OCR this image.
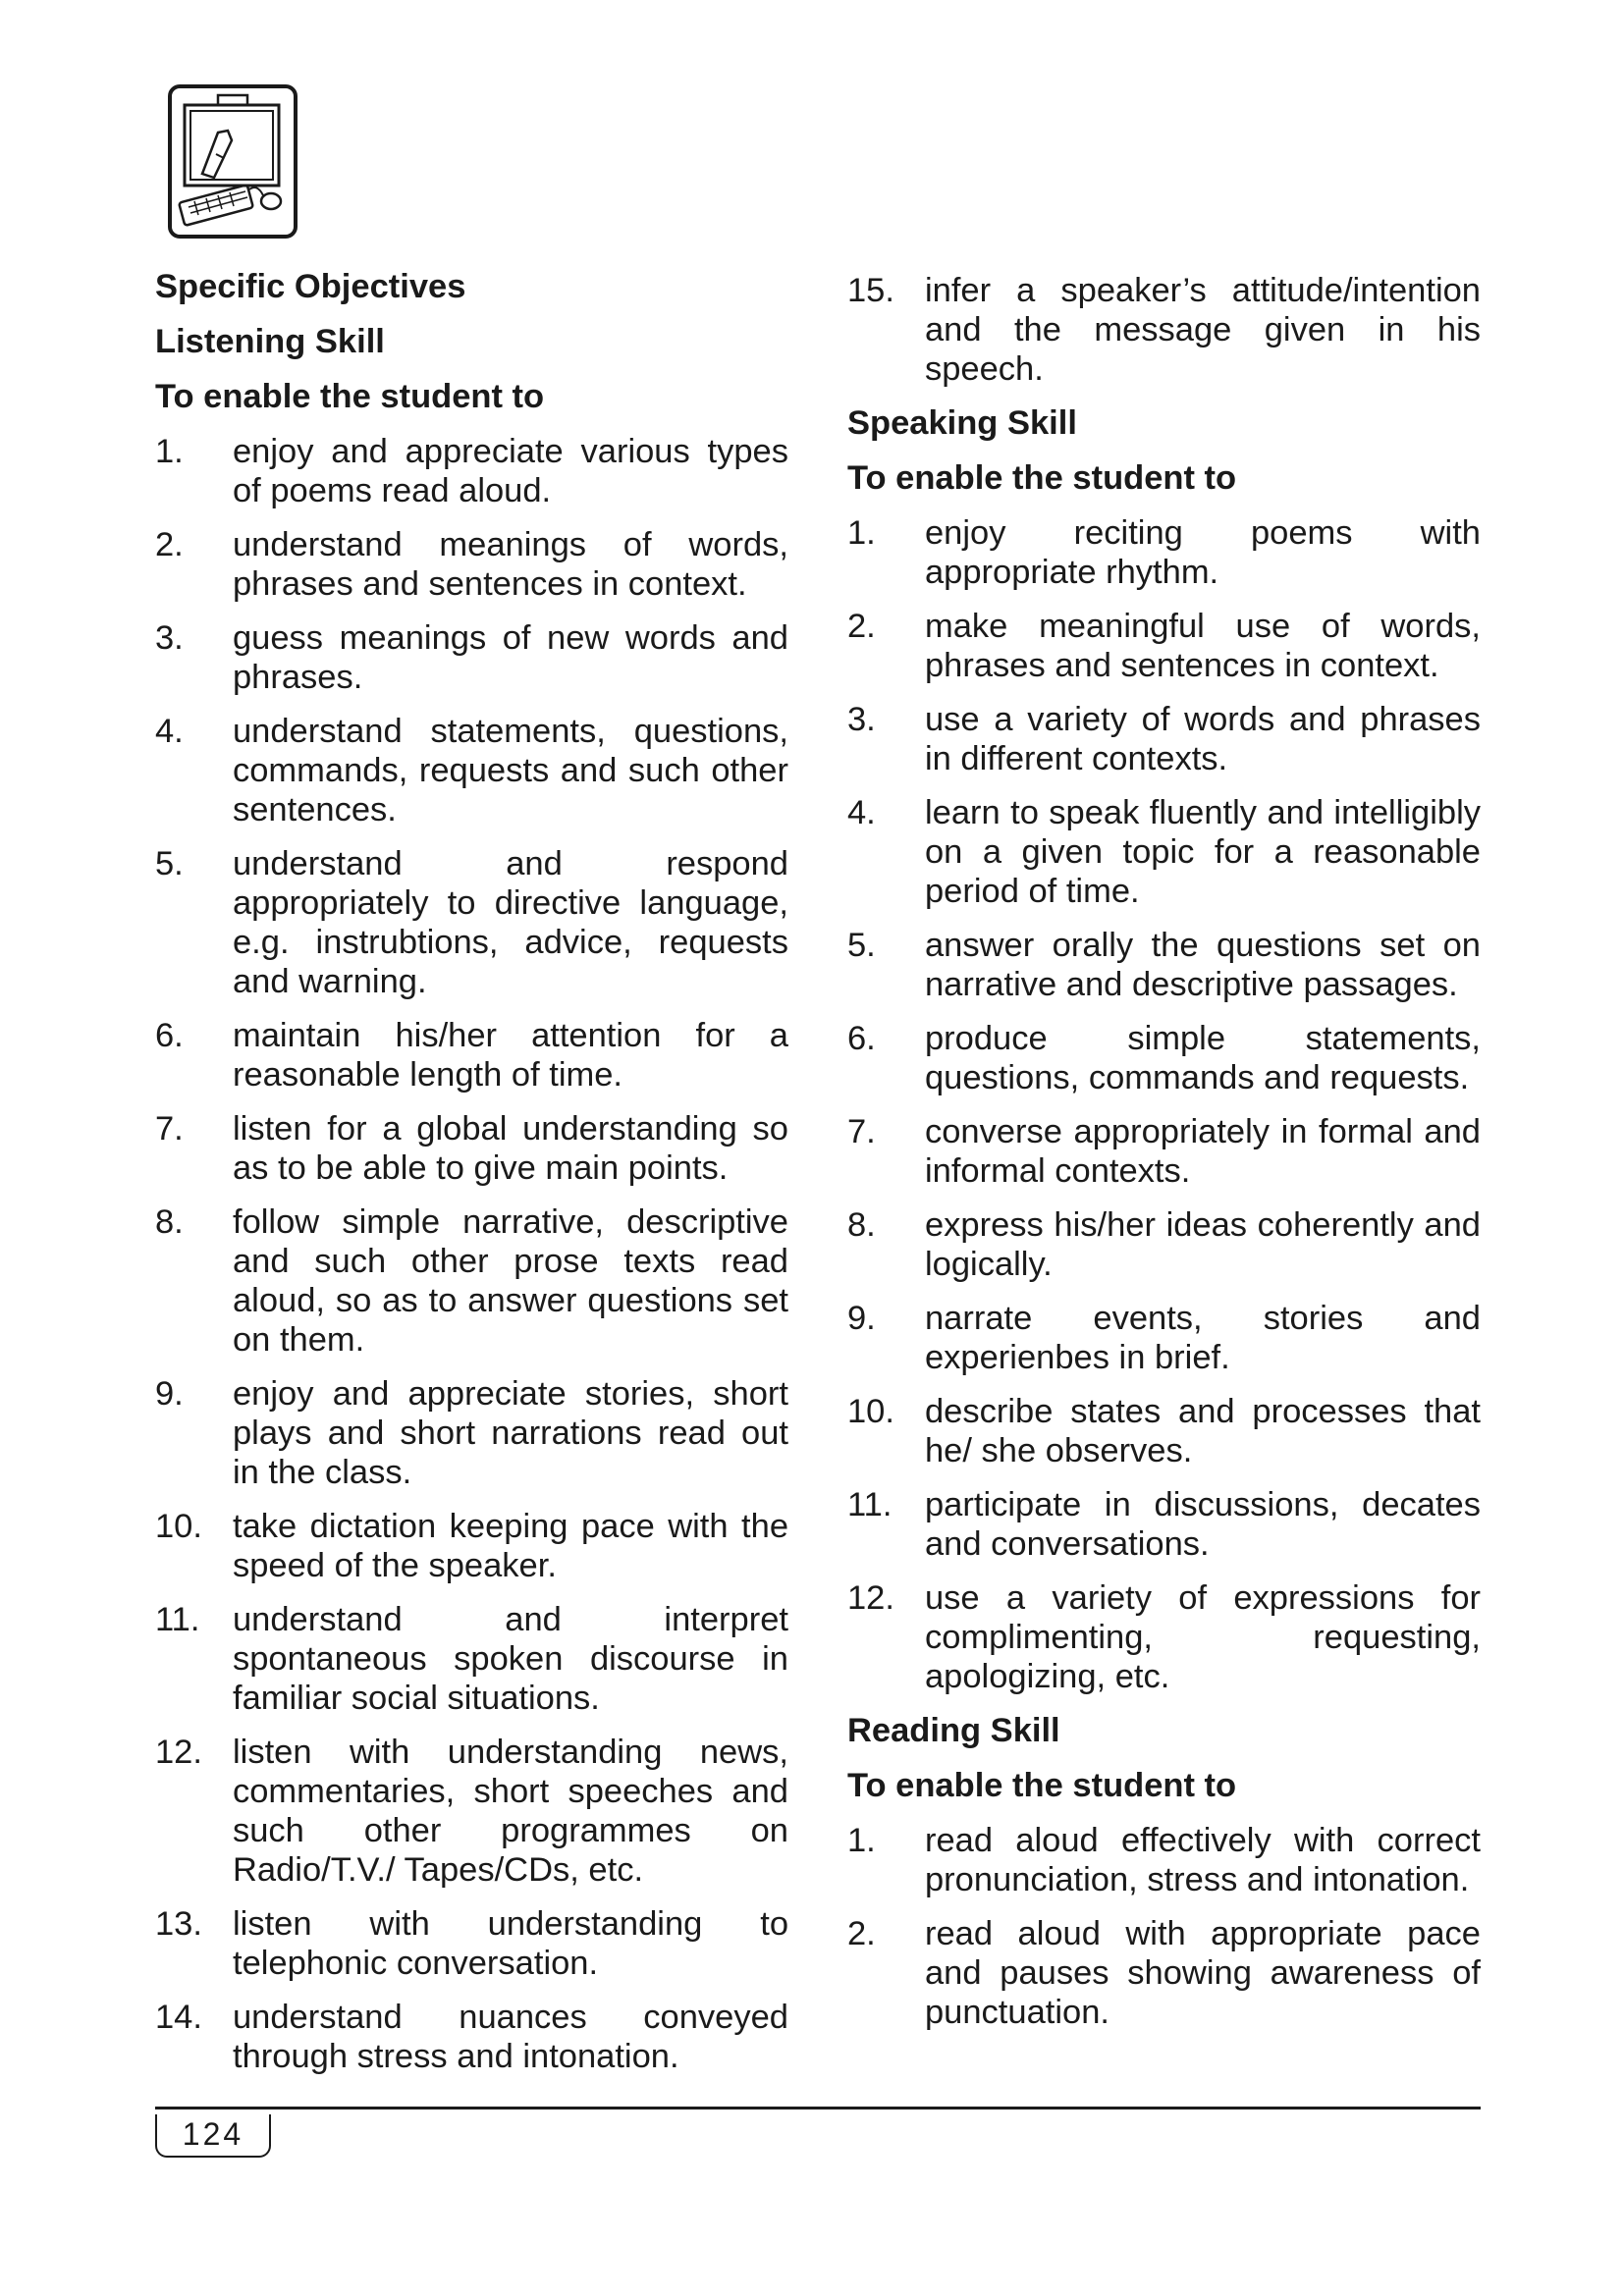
Specific Objectives
Listening Skill
To enable the student to
1. enjoy and appreciate various types of poems read aloud.
2. understand meanings of words, phrases and sentences in context.
3. guess meanings of new words and phrases.
4. understand statements, questions, commands, requests and such other sentences.
5. understand and respond appropriately to directive language, e.g. instrubtions, advice, requests and warning.
6. maintain his/her attention for a reasonable length of time.
7. listen for a global understanding so as to be able to give main points.
8. follow simple narrative, descriptive and such other prose texts read aloud, so as to answer questions set on them.
9. enjoy and appreciate stories, short plays and short narrations read out in the class.
10. take dictation keeping pace with the speed of the speaker.
11. understand and interpret spontaneous spoken discourse in familiar social situations.
12. listen with understanding news, commentaries, short speeches and such other programmes on Radio/T.V./ Tapes/CDs, etc.
13. listen with understanding to telephonic conversation.
14. understand nuances conveyed through stress and intonation.
15. infer a speaker’s attitude/intention and the message given in his speech.
Speaking Skill
To enable the student to
1. enjoy reciting poems with appropriate rhythm.
2. make meaningful use of words, phrases and sentences in context.
3. use a variety of words and phrases in different contexts.
4. learn to speak fluently and intelligibly on a given topic for a reasonable period of time.
5. answer orally the questions set on narrative and descriptive passages.
6. produce simple statements, questions, commands and requests.
7. converse appropriately in formal and informal contexts.
8. express his/her ideas coherently and logically.
9. narrate events, stories and experienbes in brief.
10. describe states and processes that he/ she observes.
11. participate in discussions, decates and conversations.
12. use a variety of expressions for complimenting, requesting, apologizing, etc.
Reading Skill
To enable the student to
1. read aloud effectively with correct pronunciation, stress and intonation.
2. read aloud with appropriate pace and pauses showing awareness of punctuation.
124
